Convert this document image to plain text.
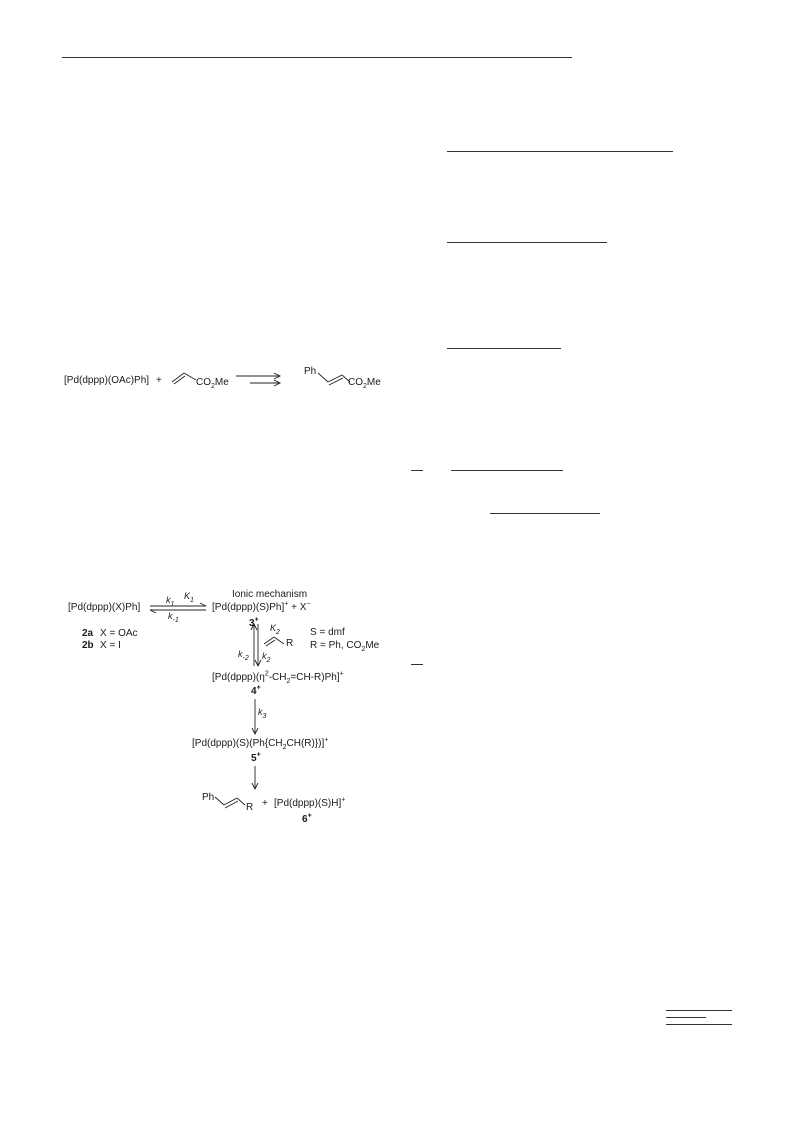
[Pd(dppp)(OAc)Ph] +	$CO_2Me$
Ph
$CO_2Me$
[Pd(dppp)(X)Ph]
$k_1$
$K_1$
$k_{-1}$
Ionic mechanism
[Pd(dppp)(S)Ph]+ + X−
3+
2a X = OAc
2b X = I
$K_2$
R
S = dmf
R = Ph, $CO_2Me$
$k_{-2}$ $k_2$
$[Pd(dppp)(\eta^2-CH_2=CH-R)Ph]^+$
4+
$k_3$
$[Pd(dppp)(S)(Ph\{CH_2CH(R)\})]^+$
5+
Ph
R + [Pd(dppp)(S)H]+
6+
